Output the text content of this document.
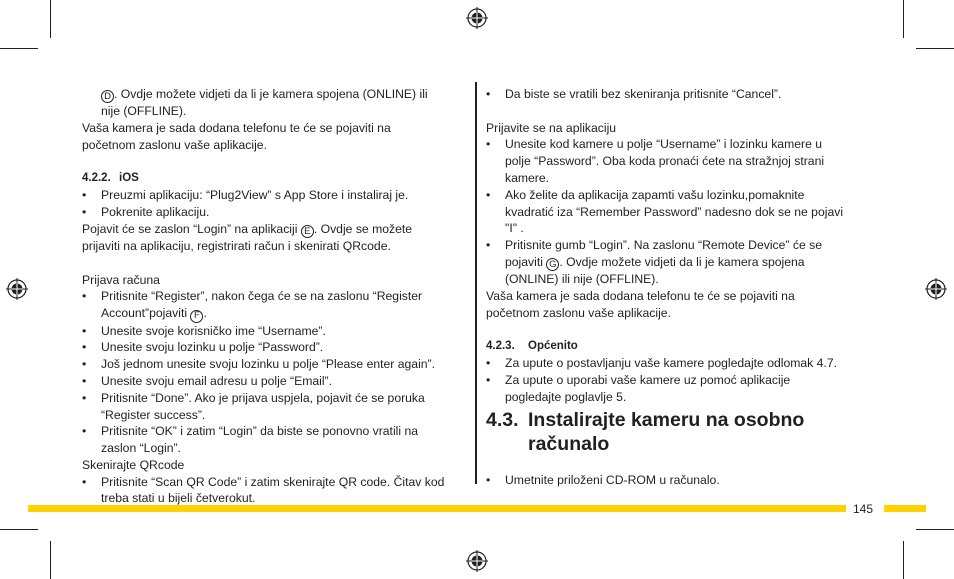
D . Ovdje možete vidjeti da li je kamera spojena (ONLINE) ili

nije (OFFLINE).

Vaša kamera je sada dodana telefonu te će se pojaviti na

početnom zaslonu vaše aplikacije.

4.2.2. iOS

• Preuzmi aplikaciju: “Plug2View” s App Store i instaliraj je.
• Pokrenite aplikaciju.

Pojavit će se zaslon “Login” na aplikaciji E . Ovdje se možete

prijaviti na aplikaciju, registrirati račun i skenirati QRcode.

Prijava računa

• Pritisnite “Register”, nakon čega će se na zaslonu “Register
Account”pojaviti F .
• Unesite svoje korisničko ime “Username”.
• Unesite svoju lozinku u polje “Password”.
• Još jednom unesite svoju lozinku u polje “Please enter again”.
• Unesite svoju email adresu u polje “Email”.
• Pritisnite “Done”. Ako je prijava uspjela, pojavit će se poruka
“Register success”.
• Pritisnite “OK” i zatim “Login” da biste se ponovno vratili na
zaslon “Login”.

Skenirajte QRcode

• Pritisnite “Scan QR Code” i zatim skenirajte QR code. Čitav kod
treba stati u bijeli četverokut.
• Da biste se vratili bez skeniranja pritisnite “Cancel”.

Prijavite se na aplikaciju

• Unesite kod kamere u polje “Username” i lozinku kamere u
polje “Password”. Oba koda pronaći ćete na stražnjoj strani
kamere.
• Ako želite da aplikacija zapamti vašu lozinku,pomaknite
kvadratić iza “Remember Password” nadesno dok se ne pojavi
"I" .
• Pritisnite gumb “Login”. Na zaslonu “Remote Device” će se
pojaviti G . Ovdje možete vidjeti da li je kamera spojena
(ONLINE) ili nije (OFFLINE).

Vaša kamera je sada dodana telefonu te će se pojaviti na

početnom zaslonu vaše aplikacije.

4.2.3. Općenito

• Za upute o postavljanju vaše kamere pogledajte odlomak 4.7.
• Za upute o uporabi vaše kamere uz pomoć aplikacije
pogledajte poglavlje 5.
4.3. Instalirajte kameru na osobno
računalo
• Umetnite priloženi CD-ROM u računalo.
145
